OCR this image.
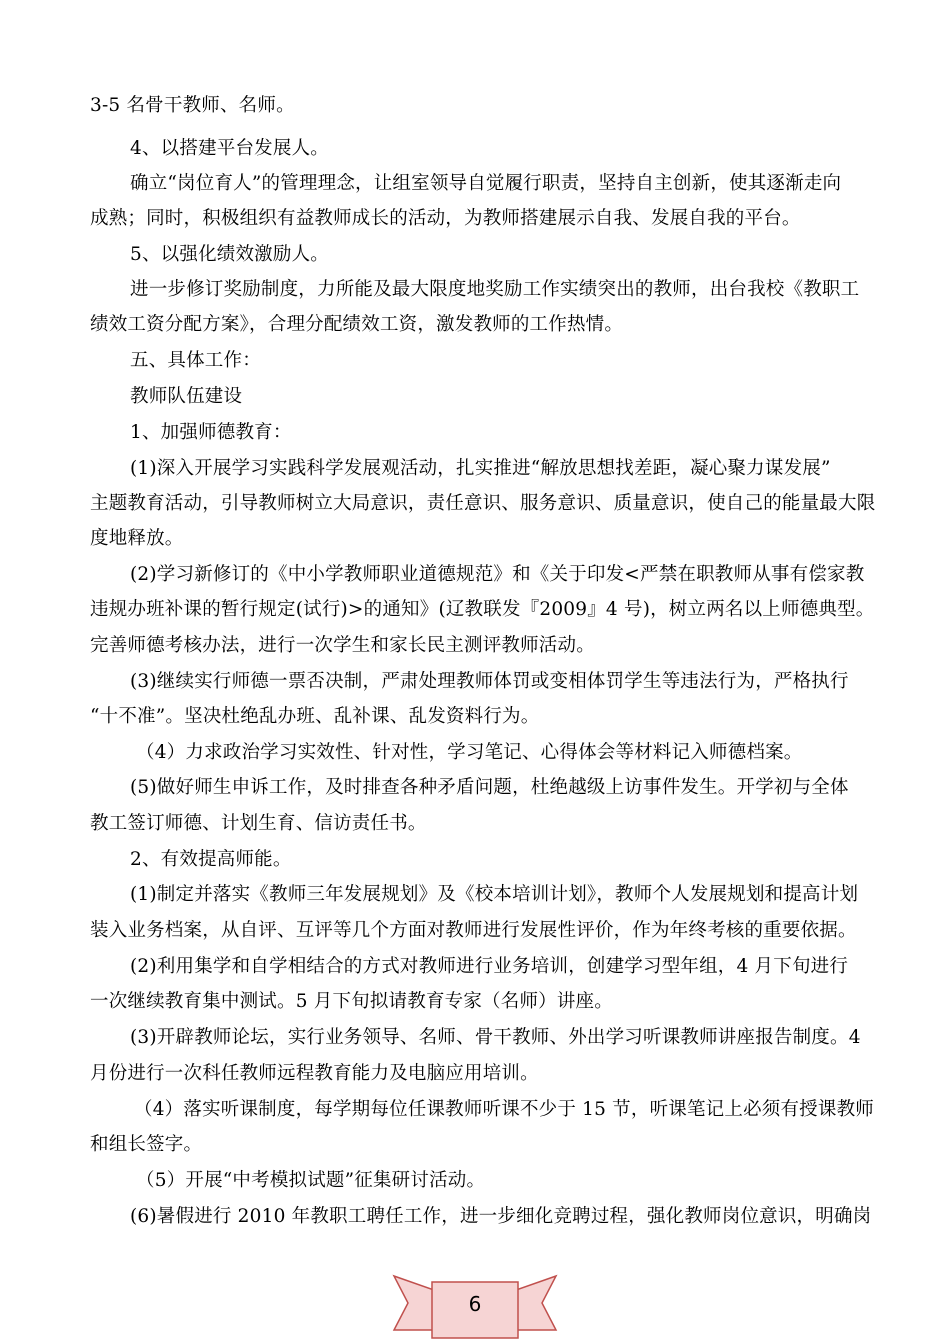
3-5 名骨干教师、名师。
4、以搭建平台发展人。
确立“岗位育人”的管理理念，让组室领导自觉履行职责，坚持自主创新，使其逐渐走向
成熟；同时，积极组织有益教师成长的活动，为教师搭建展示自我、发展自我的平台。
5、以强化绩效激励人。
进一步修订奖励制度，力所能及最大限度地奖励工作实绩突出的教师，出台我校《教职工
绩效工资分配方案》，合理分配绩效工资，激发教师的工作热情。
五、具体工作：
教师队伍建设
1、加强师德教育：
(1)深入开展学习实践科学发展观活动，扎实推进“解放思想找差距，凝心聚力谋发展”
主题教育活动，引导教师树立大局意识，责任意识、服务意识、质量意识，使自己的能量最大限
度地释放。
(2)学习新修订的《中小学教师职业道德规范》和《关于印发<严禁在职教师从事有偿家教
违规办班补课的暂行规定(试行)>的通知》(辽教联发『2009』4 号)，树立两名以上师德典型。
完善师德考核办法，进行一次学生和家长民主测评教师活动。
(3)继续实行师德一票否决制，严肃处理教师体罚或变相体罚学生等违法行为，严格执行
“十不准”。坚决杜绝乱办班、乱补课、乱发资料行为。
（4）力求政治学习实效性、针对性，学习笔记、心得体会等材料记入师德档案。
(5)做好师生申诉工作，及时排查各种矛盾问题，杜绝越级上访事件发生。开学初与全体
教工签订师德、计划生育、信访责任书。
2、有效提高师能。
(1)制定并落实《教师三年发展规划》及《校本培训计划》，教师个人发展规划和提高计划
装入业务档案，从自评、互评等几个方面对教师进行发展性评价，作为年终考核的重要依据。
(2)利用集学和自学相结合的方式对教师进行业务培训，创建学习型年组，4 月下旬进行
一次继续教育集中测试。5 月下旬拟请教育专家（名师）讲座。
(3)开辟教师论坛，实行业务领导、名师、骨干教师、外出学习听课教师讲座报告制度。4
月份进行一次科任教师远程教育能力及电脑应用培训。
（4）落实听课制度，每学期每位任课教师听课不少于 15 节，听课笔记上必须有授课教师
和组长签字。
（5）开展“中考模拟试题”征集研讨活动。
(6)暑假进行 2010 年教职工聘任工作，进一步细化竞聘过程，强化教师岗位意识，明确岗
6
